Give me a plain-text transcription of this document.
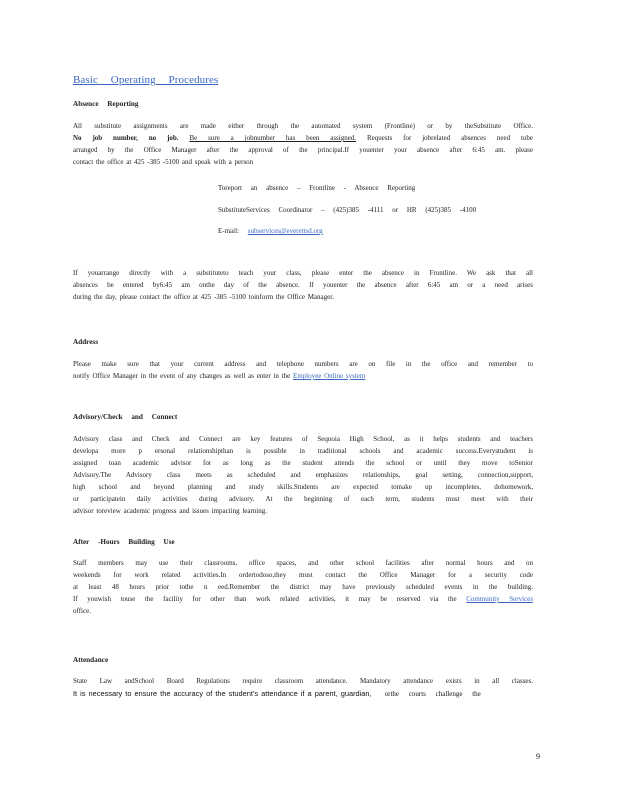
Basic Operating Procedures
Absence Reporting
All substitute assignments are made either through the automated system (Frontline) or by theSubstitute Office.
No job number, no job. Be sure a jobnumber has been assigned. Requests for jobrelated absences need tobe
arranged by the Office Manager after the approval of the principal.If youenter your absence after 6:45 am. please
contact the office at 425 -385 -5100 and speak with a person
Toreport an absence – Frontline - Absence Reporting
SubstituteServices Coordinator – (425)385 -4111 or HR (425)385 -4100
E-mail: subservices@everettsd.org
If youarrange directly with a substituteto teach your class, please enter the absence in Frontline. We ask that all
absences be entered by6:45 am onthe day of the absence. If youenter the absence after 6:45 am or a need arises
during the day, please contact the office at 425 -385 -5100 toinform the Office Manager.
Address
Please make sure that your current address and telephone numbers are on file in the office and remember to
notify Office Manager in the event of any changes as well as enter in the Employee Online system
Advisory/Check and Connect
Advisory class and Check and Connect are key features of Sequoia High School, as it helps students and teachers
developa more p ersonal relationshipthan is possible in traditional schools and academic success.Everystudent is
assigned toan academic advisor for as long as the student attends the school or until they move toSenior
Advisory.The Advisory class meets as scheduled and emphasizes relationships, goal setting, connection,support,
high school and beyond planning and study skills.Students are expected tomake up incompletes, dohomework,
or participatein daily activities during advisory. At the beginning of each term, students must meet with their
advisor toreview academic progress and issues impacting learning.
After -Hours Building Use
Staff members may use their classrooms, office spaces, and other school facilities after normal hours and on
weekends for work related activities.In ordertodoso,they must contact the Office Manager for a security code
at least 48 hours prior tothe n eed.Remember the district may have previously scheduled events in the building.
If youwish touse the facility for other than work related activities, it may be reserved via the Community Services
office.
Attendance
State Law andSchool Board Regulations require classroom attendance. Mandatory attendance exists in all classes.
It is necessary to ensure the accuracy of the student’s attendance if a parent, guardian, orthe courts challenge the
9
